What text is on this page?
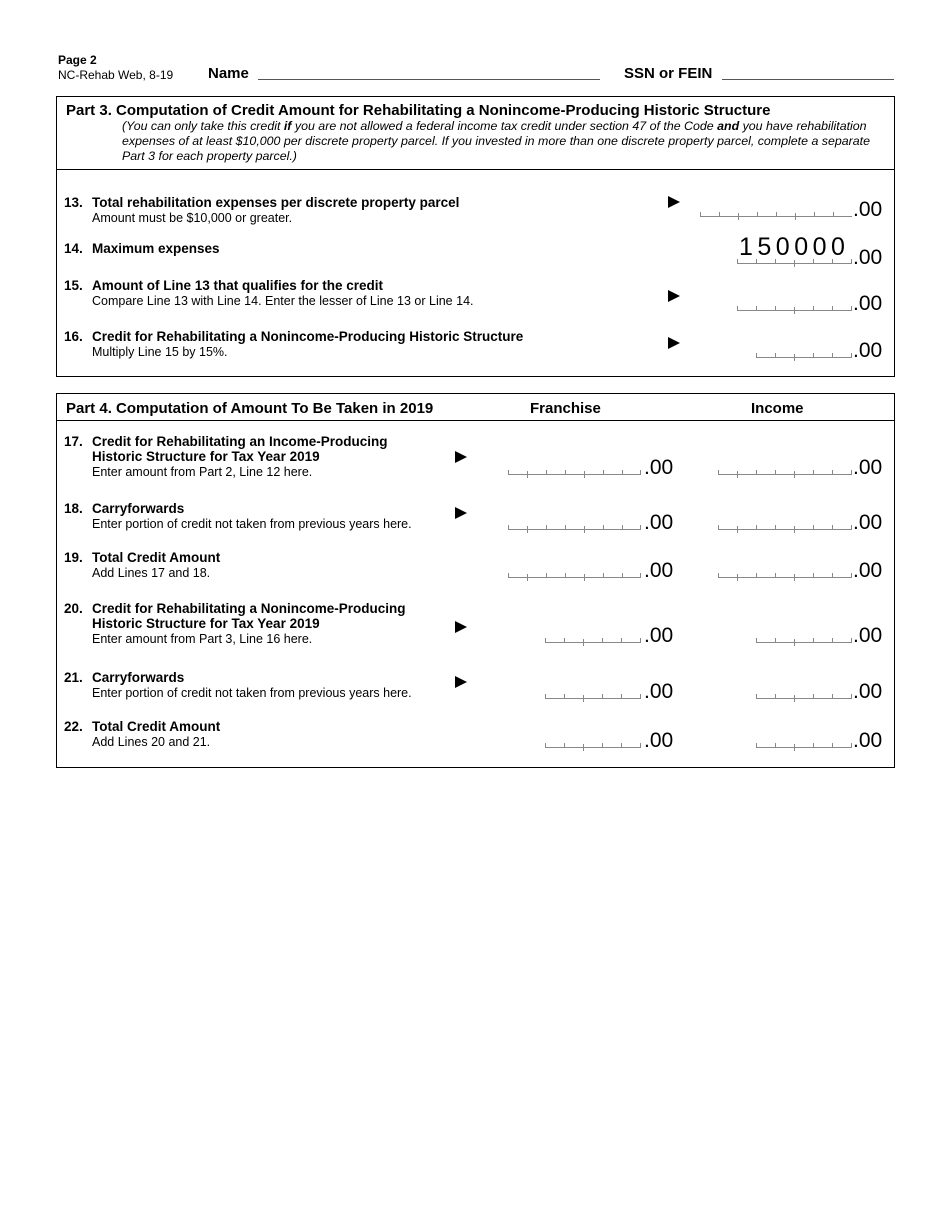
Page 2
NC-Rehab Web, 8-19 Name	SSN or FEIN
Part 3. Computation of Credit Amount for Rehabilitating a Nonincome-Producing Historic Structure
(You can only take this credit if you are not allowed a federal income tax credit under section 47 of the Code and you have rehabilitation expenses of at least $10,000 per discrete property parcel. If you invested in more than one discrete property parcel, complete a separate Part 3 for each property parcel.)
13. Total rehabilitation expenses per discrete property parcel
Amount must be $10,000 or greater.	.00
14. Maximum expenses	150000 .00
15. Amount of Line 13 that qualifies for the credit
Compare Line 13 with Line 14. Enter the lesser of Line 13 or Line 14.	.00
16. Credit for Rehabilitating a Nonincome-Producing Historic Structure
Multiply Line 15 by 15%.	.00
Part 4. Computation of Amount To Be Taken in 2019	Franchise	Income
17. Credit for Rehabilitating an Income-Producing
Historic Structure for Tax Year 2019
Enter amount from Part 2, Line 12 here.	.00	.00
18. Carryforwards
Enter portion of credit not taken from previous years here.	.00	.00
19. Total Credit Amount
Add Lines 17 and 18.	.00	.00
20. Credit for Rehabilitating a Nonincome-Producing
Historic Structure for Tax Year 2019
Enter amount from Part 3, Line 16 here.	.00	.00
21. Carryforwards
Enter portion of credit not taken from previous years here.	.00	.00
22. Total Credit Amount
Add Lines 20 and 21.	.00	.00
